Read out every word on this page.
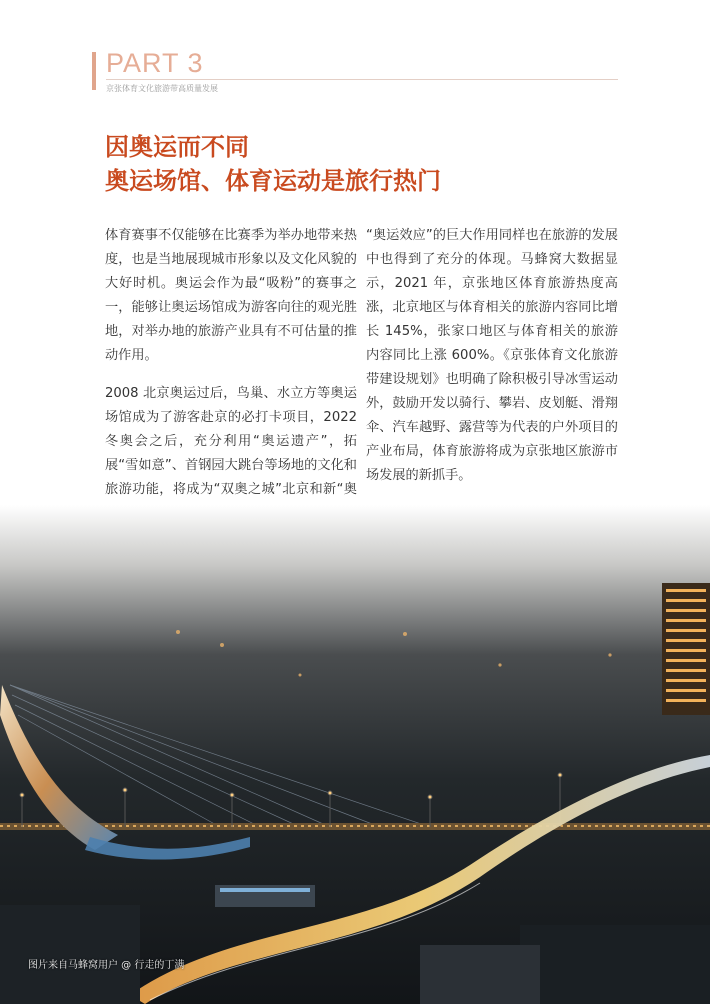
PART 3
京张体育文化旅游带高质量发展
因奥运而不同
奥运场馆、体育运动是旅行热门

体育赛事不仅能够在比赛季为举办地带来热度，也是当地展现城市形象以及文化风貌的大好时机。奥运会作为最“吸粉”的赛事之一，能够让奥运场馆成为游客向往的观光胜地，对举办地的旅游产业具有不可估量的推动作用。

2008 北京奥运过后，鸟巢、水立方等奥运场馆成为了游客赴京的必打卡项目，2022 冬奥会之后，充分利用“奥运遗产”，拓展“雪如意”、首钢园大跳台等场地的文化和旅游功能，将成为“双奥之城”北京和新“奥

“奥运效应”的巨大作用同样也在旅游的发展中也得到了充分的体现。马蜂窝大数据显示，2021 年，京张地区体育旅游热度高涨，北京地区与体育相关的旅游内容同比增长 145%，张家口地区与体育相关的旅游内容同比上涨 600%。《京张体育文化旅游带建设规划》也明确了除积极引导冰雪运动外，鼓励开发以骑行、攀岩、皮划艇、滑翔伞、汽车越野、露营等为代表的户外项目的产业布局，体育旅游将成为京张地区旅游市场发展的新抓手。

图片来自马蜂窝用户 @ 行走的丁满
